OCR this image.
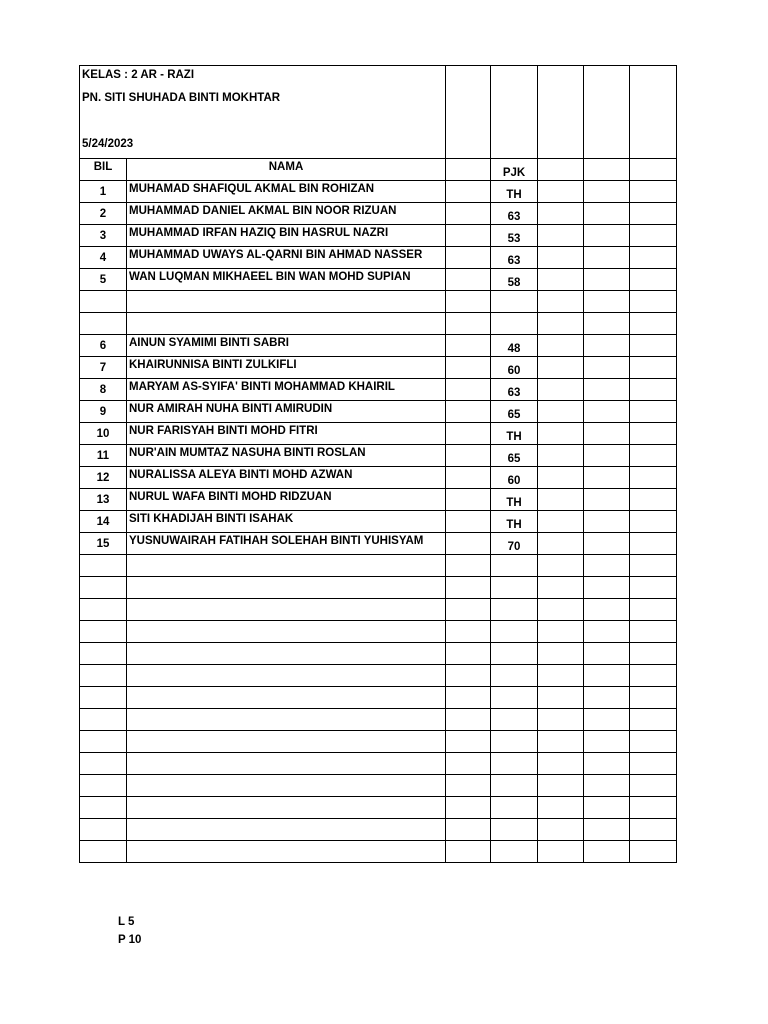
KELAS : 2 AR - RAZI
PN. SITI SHUHADA BINTI MOKHTAR
5/24/2023						

BIL	NAMA		PJK			
1	MUHAMAD SHAFIQUL AKMAL BIN ROHIZAN		TH			
2	MUHAMMAD DANIEL AKMAL BIN NOOR RIZUAN		63			
3	MUHAMMAD IRFAN HAZIQ BIN HASRUL NAZRI		53			
4	MUHAMMAD UWAYS AL-QARNI BIN AHMAD NASSER		63			
5	WAN LUQMAN MIKHAEEL BIN WAN MOHD SUPIAN		58			

6	AINUN SYAMIMI BINTI SABRI		48			
7	KHAIRUNNISA BINTI ZULKIFLI		60			
8	MARYAM AS-SYIFA' BINTI MOHAMMAD KHAIRIL		63			
9	NUR AMIRAH NUHA BINTI AMIRUDIN		65			
10	NUR FARISYAH BINTI MOHD FITRI		TH			
11	NUR'AIN MUMTAZ NASUHA BINTI ROSLAN		65			
12	NURALISSA ALEYA BINTI MOHD AZWAN		60			
13	NURUL WAFA BINTI MOHD RIDZUAN		TH			
14	SITI KHADIJAH BINTI ISAHAK		TH			
15	YUSNUWAIRAH FATIHAH SOLEHAH BINTI YUHISYAM		70			

L 5
P 10
